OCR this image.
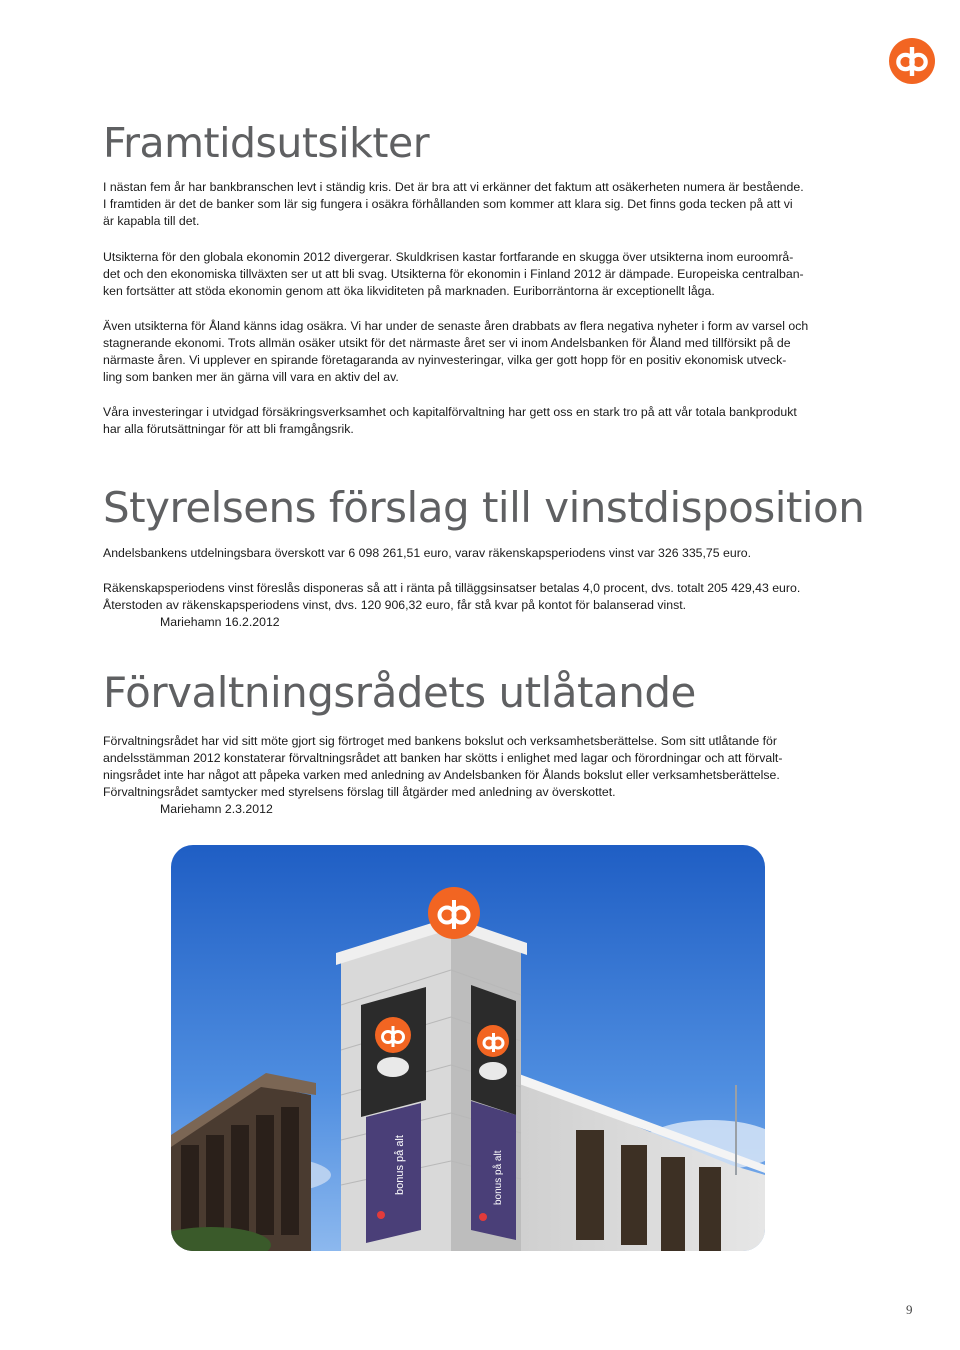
Framtidsutsikter

I nästan fem år har bankbranschen levt i ständig kris. Det är bra att vi erkänner det faktum att osäkerheten numera är bestående.
I framtiden är det de banker som lär sig fungera i osäkra förhållanden som kommer att klara sig. Det finns goda tecken på att vi
är kapabla till det.

Utsikterna för den globala ekonomin 2012 divergerar. Skuldkrisen kastar fortfarande en skugga över utsikterna inom euroområ-
det och den ekonomiska tillväxten ser ut att bli svag. Utsikterna för ekonomin i Finland 2012 är dämpade. Europeiska centralban-
ken fortsätter att stöda ekonomin genom att öka likviditeten på marknaden. Euriborräntorna är exceptionellt låga.

Även utsikterna för Åland känns idag osäkra. Vi har under de senaste åren drabbats av flera negativa nyheter i form av varsel och
stagnerande ekonomi. Trots allmän osäker utsikt för det närmaste året ser vi inom Andelsbanken för Åland med tillförsikt på de
närmaste åren. Vi upplever en spirande företagaranda av nyinvesteringar, vilka ger gott hopp för en positiv ekonomisk utveck-
ling som banken mer än gärna vill vara en aktiv del av.

Våra investeringar i utvidgad försäkringsverksamhet och kapitalförvaltning har gett oss en stark tro på att vår totala bankprodukt
har alla förutsättningar för att bli framgångsrik.

Styrelsens förslag till vinstdisposition

Andelsbankens utdelningsbara överskott var 6 098 261,51 euro, varav räkenskapsperiodens vinst var 326 335,75 euro.

Räkenskapsperiodens vinst föreslås disponeras så att i ränta på tilläggsinsatser betalas 4,0 procent, dvs. totalt 205 429,43 euro.
Återstoden av räkenskapsperiodens vinst, dvs. 120 906,32 euro, får stå kvar på kontot för balanserad vinst.
Mariehamn 16.2.2012

Förvaltningsrådets utlåtande

Förvaltningsrådet har vid sitt möte gjort sig förtroget med bankens bokslut och verksamhetsberättelse. Som sitt utlåtande för
andelsstämman 2012 konstaterar förvaltningsrådet att banken har skötts i enlighet med lagar och förordningar och att förvalt-
ningsrådet inte har något att påpeka varken med anledning av Andelsbanken för Ålands bokslut eller verksamhetsberättelse.
Förvaltningsrådet samtycker med styrelsens förslag till åtgärder med anledning av överskottet.
Mariehamn 2.3.2012

bonus på alt	bonus på alt
9
